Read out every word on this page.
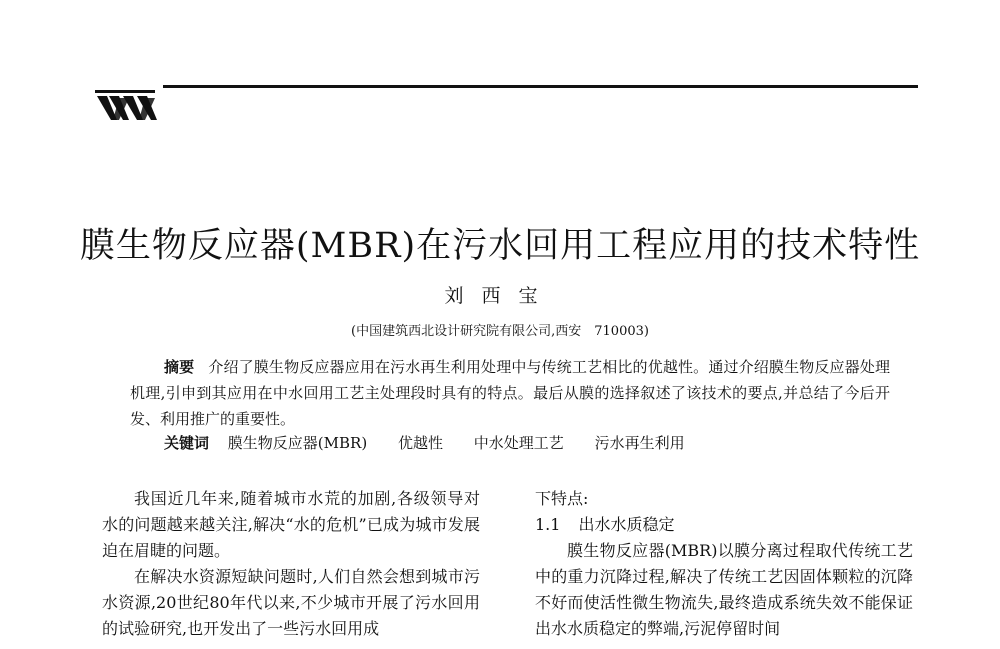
膜生物反应器(MBR)在污水回用工程应用的技术特性
刘西宝
(中国建筑西北设计研究院有限公司,西安　710003)
摘要 介绍了膜生物反应器应用在污水再生利用处理中与传统工艺相比的优越性。通过介绍膜生物反应器处理机理,引申到其应用在中水回用工艺主处理段时具有的特点。最后从膜的选择叙述了该技术的要点,并总结了今后开发、利用推广的重要性。
关键词 膜生物反应器(MBR) 优越性 中水处理工艺 污水再生利用

我国近几年来,随着城市水荒的加剧,各级领导对水的问题越来越关注,解决“水的危机”已成为城市发展迫在眉睫的问题。

在解决水资源短缺问题时,人们自然会想到城市污水资源,20世纪80年代以来,不少城市开展了污水回用的试验研究,也开发出了一些污水回用成

下特点:

1.1 出水水质稳定

膜生物反应器(MBR)以膜分离过程取代传统工艺中的重力沉降过程,解决了传统工艺因固体颗粒的沉降不好而使活性微生物流失,最终造成系统失效不能保证出水水质稳定的弊端,污泥停留时间
